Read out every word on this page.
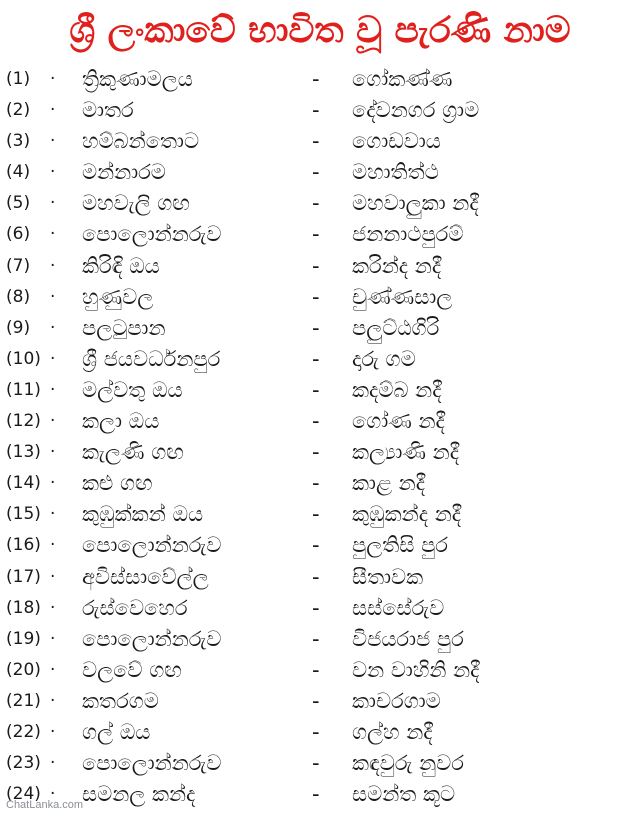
ශ්‍රී ලංකාවේ භාවිත වූ පැරණි නාම
(1) · ත්‍රිකුණාමලය	- ගෝකණ්ණ
(2) · මාතර	- දේවනගර ග්‍රාම
(3) · හම්බන්තොට	- ගොඩවාය
(4) · මන්නාරම	- මහාතිත්ථ
(5) · මහවැලි ගඟ	- මහවාලුකා නදී
(6) · පොලොන්නරුව	- ජනනාථපුරම්
(7) · කිරිඳි ඔය	- කරින්ද නදී
(8) · හුණුවල	- චුණ්ණසාල
(9) · පලටුපාන	- පලුට්ඨගිරි
(10) · ශ්‍රී ජයවර්ධනපුර	- දාරු ගම
(11) · මල්වතු ඔය	- කදම්බ නදී
(12) · කලා ඔය	- ගෝණ නදී
(13) · කැලණි ගඟ	- කල්‍යාණි නදී
(14) · කළු ගඟ	- කාළ නදී
(15) · කුඹුක්කන් ඔය	- කුඹුකන්ද නදී
(16) · පොලොන්නරුව	- පුලතිසි පුර
(17) · අවිස්සාවේල්ල	- සීතාවක
(18) · රුස්වෙහෙර	- සස්සේරුව
(19) · පොලොන්නරුව	- විජයරාජ පුර
(20) · වලවේ ගඟ	- වන වාහිනි නදී
(21) · කතරගම	- කාචරගාම
(22) · ගල් ඔය	- ගල්හ නදී
(23) · පොලොන්නරුව	- කඳවුරු නුවර
(24) · සමනල කන්ද	- සමන්ත කූට
ChatLanka.com
